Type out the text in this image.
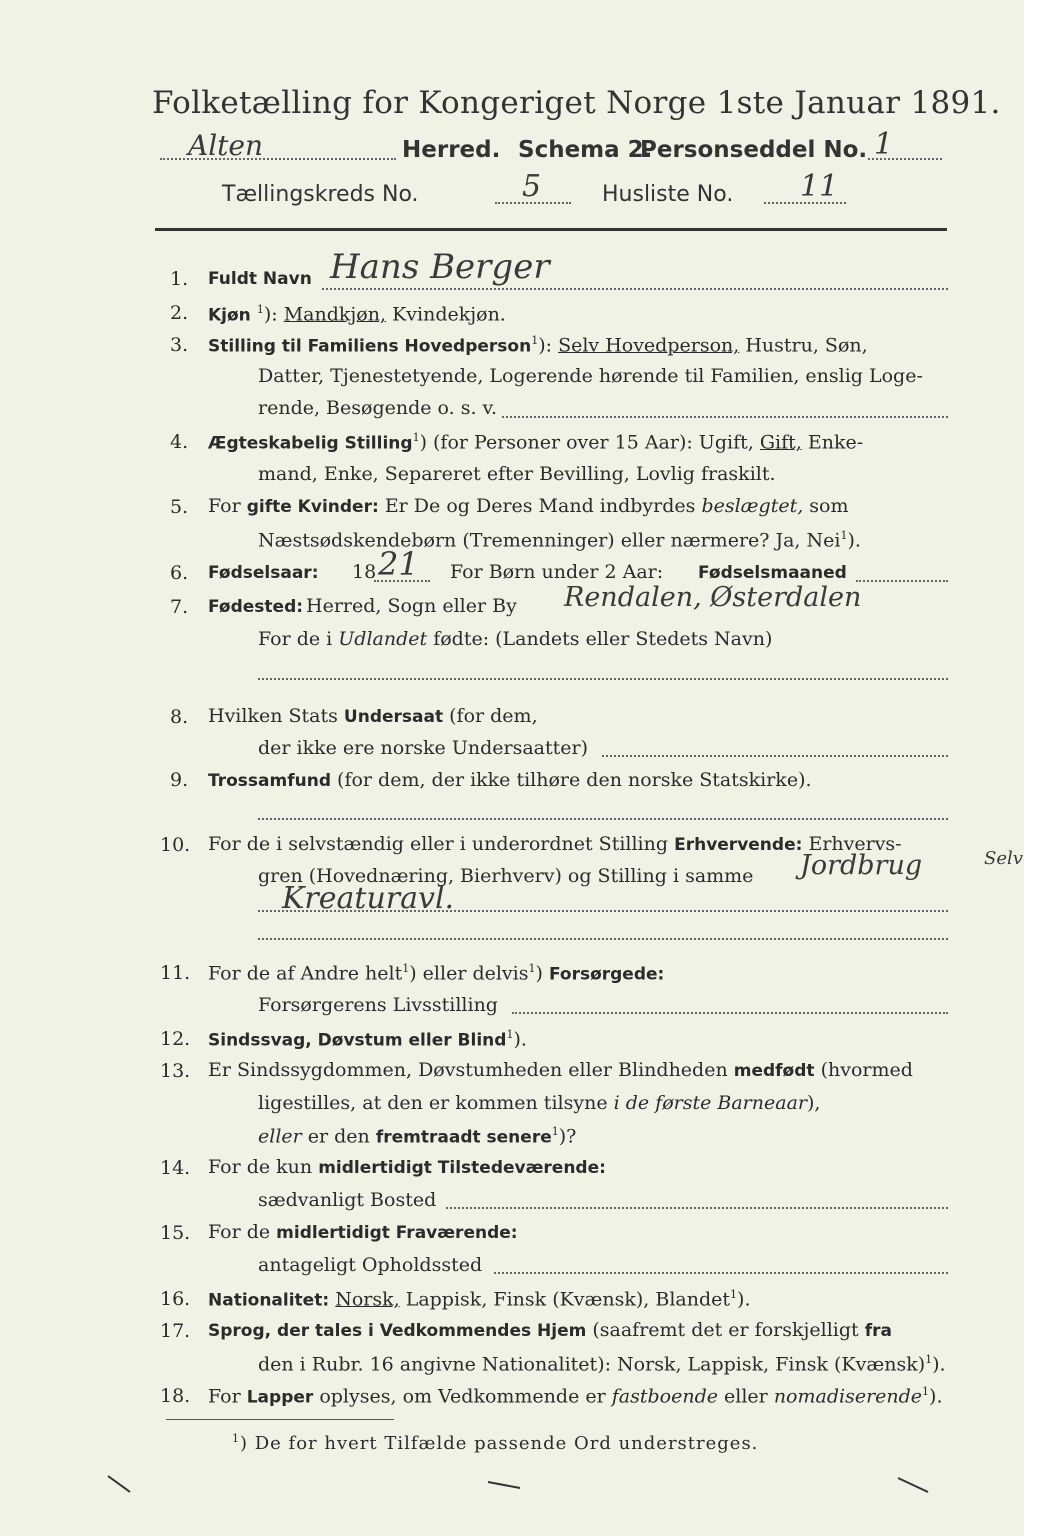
Folketælling for Kongeriget Norge 1ste Januar 1891.
Alten	Herred. Schema 2.
Personseddel No. 1
Tællingskreds No.	5	Husliste No. 11
1. Fuldt Navn Hans Berger
2. Kjøn $^1$): Mandkjøn, Kvindekjøn.
3. Stilling til Familiens Hovedperson$^1$): Selv Hovedperson, Hustru, Søn,
Datter, Tjenestetyende, Logerende hørende til Familien, enslig Loge-
rende, Besøgende o. s. v.
4. Ægteskabelig Stilling$^1$) (for Personer over 15 Aar): Ugift, Gift, Enke-
mand, Enke, Separeret efter Bevilling, Lovlig fraskilt.
5. For gifte Kvinder: Er De og Deres Mand indbyrdes beslægtet, som
Næstsødskendebørn (Tremenninger) eller nærmere? Ja, Nei$^1$).
6. Fødselsaar: 18 21 For Børn under 2 Aar: Fødselsmaaned
7. Fødested: Herred, Sogn eller By Rendalen, Østerdalen
For de i Udlandet fødte: (Landets eller Stedets Navn)
8. Hvilken Stats Undersaat (for dem,
der ikke ere norske Undersaatter)
9. Trossamfund (for dem, der ikke tilhøre den norske Statskirke).
10. For de i selvstændig eller i underordnet Stilling Erhvervende: Erhvervs-
gren (Hovednæring, Bierhverv) og Stilling i samme Jordbrug	Selv
Kreaturavl.
11. For de af Andre helt$^1$) eller delvis$^1$) Forsørgede:
Forsørgerens Livsstilling
12. Sindssvag, Døvstum eller Blind$^1$).
13. Er Sindssygdommen, Døvstumheden eller Blindheden medfødt (hvormed
ligestilles, at den er kommen tilsyne i de første Barneaar),
eller er den fremtraadt senere$^1$)?
14. For de kun midlertidigt Tilstedeværende:
sædvanligt Bosted
15. For de midlertidigt Fraværende:
antageligt Opholdssted
16. Nationalitet: Norsk, Lappisk, Finsk (Kvænsk), Blandet$^1$).
17. Sprog, der tales i Vedkommendes Hjem (saafremt det er forskjelligt fra
den i Rubr. 16 angivne Nationalitet): Norsk, Lappisk, Finsk (Kvænsk)$^1$).
18. For Lapper oplyses, om Vedkommende er fastboende eller nomadiserende$^1$).
$^1$) De for hvert Tilfælde passende Ord understreges.
